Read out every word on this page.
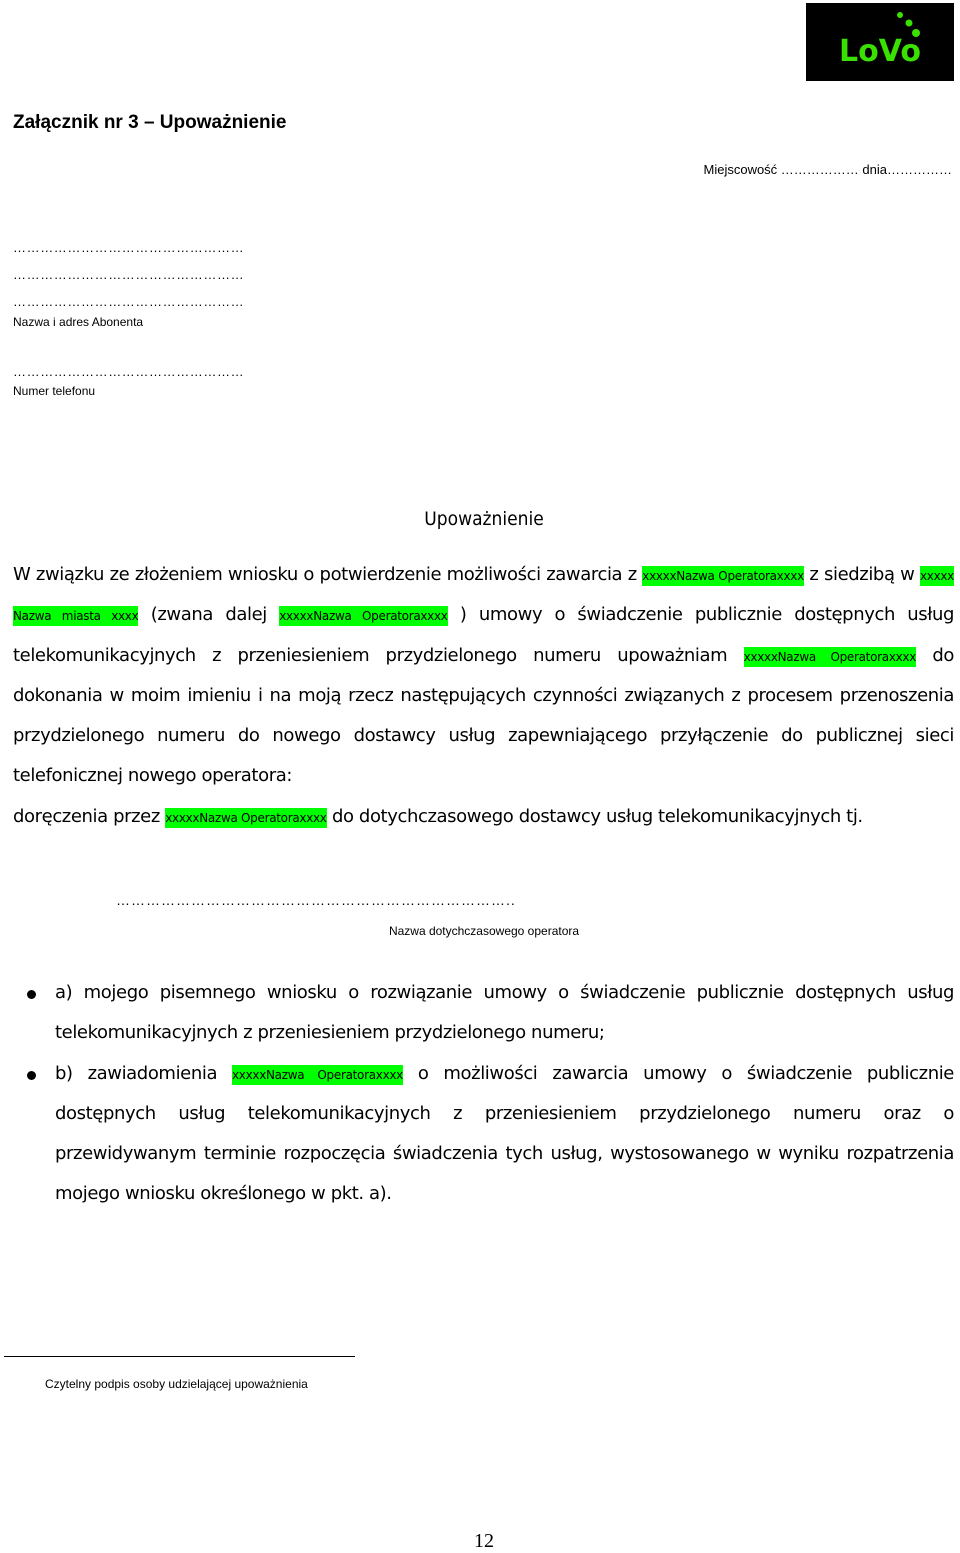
LoVo
Załącznik nr 3 – Upoważnienie
Miejscowość ……………… dnia……………
……………………………………………
……………………………………………
……………………………………………
Nazwa i adres Abonenta
……………………………………………
Numer telefonu
Upoważnienie
W związku ze złożeniem wniosku o potwierdzenie możliwości zawarcia z xxxxxNazwa Operatoraxxxx z siedzibą w xxxxx Nazwa miasta xxxx (zwana dalej xxxxxNazwa Operatoraxxxx ) umowy o świadczenie publicznie dostępnych usług telekomunikacyjnych z przeniesieniem przydzielonego numeru upoważniam xxxxxNazwa Operatoraxxxx do dokonania w moim imieniu i na moją rzecz następujących czynności związanych z procesem przenoszenia przydzielonego numeru do nowego dostawcy usług zapewniającego przyłączenie do publicznej sieci telefonicznej nowego operatora:
doręczenia przez xxxxxNazwa Operatoraxxxx do dotychczasowego dostawcy usług telekomunikacyjnych tj.
……………………………………………………………………..
Nazwa dotychczasowego operatora
a) mojego pisemnego wniosku o rozwiązanie umowy o świadczenie publicznie dostępnych usług telekomunikacyjnych z przeniesieniem przydzielonego numeru;
b) zawiadomienia xxxxxNazwa Operatoraxxxx o możliwości zawarcia umowy o świadczenie publicznie dostępnych usług telekomunikacyjnych z przeniesieniem przydzielonego numeru oraz o przewidywanym terminie rozpoczęcia świadczenia tych usług, wystosowanego w wyniku rozpatrzenia mojego wniosku określonego w pkt. a).
Czytelny podpis osoby udzielającej upoważnienia
12
